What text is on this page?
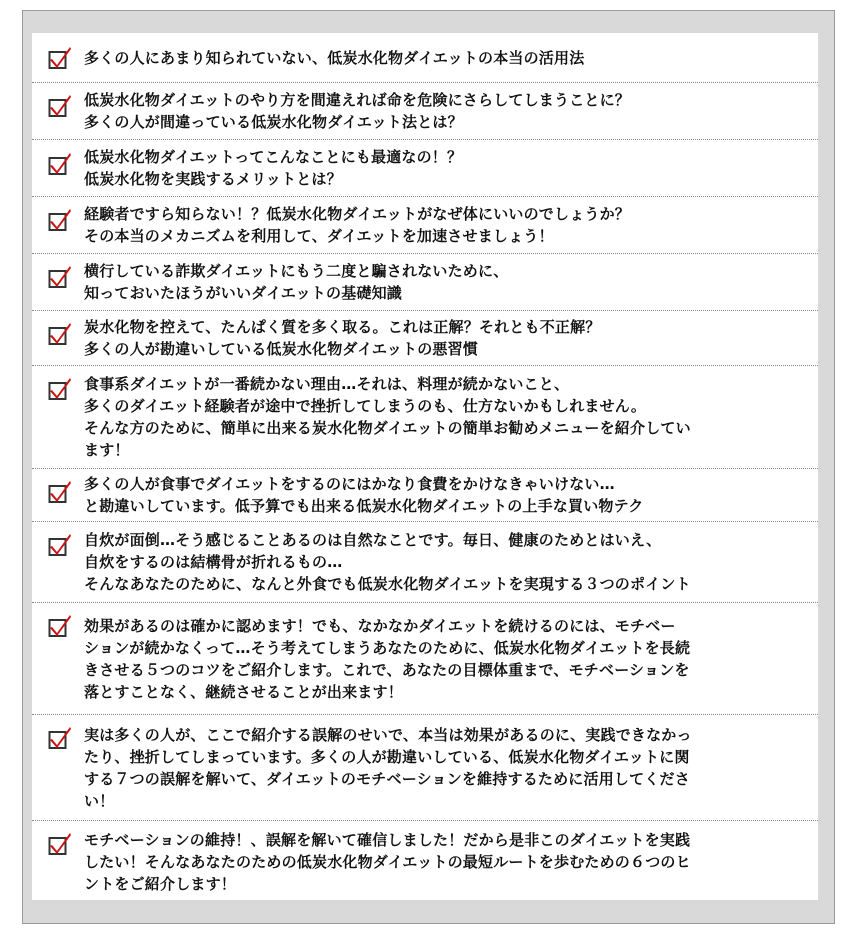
多くの人にあまり知られていない、低炭水化物ダイエットの本当の活用法
低炭水化物ダイエットのやり方を間違えれば命を危険にさらしてしまうことに？
多くの人が間違っている低炭水化物ダイエット法とは？
低炭水化物ダイエットってこんなことにも最適なの！？
低炭水化物を実践するメリットとは？
経験者ですら知らない！？低炭水化物ダイエットがなぜ体にいいのでしょうか？
その本当のメカニズムを利用して、ダイエットを加速させましょう！
横行している詐欺ダイエットにもう二度と騙されないために、
知っておいたほうがいいダイエットの基礎知識
炭水化物を控えて、たんぱく質を多く取る。これは正解？それとも不正解？
多くの人が勘違いしている低炭水化物ダイエットの悪習慣
食事系ダイエットが一番続かない理由…それは、料理が続かないこと、
多くのダイエット経験者が途中で挫折してしまうのも、仕方ないかもしれません。
そんな方のために、簡単に出来る炭水化物ダイエットの簡単お勧めメニューを紹介してい
ます！
多くの人が食事でダイエットをするのにはかなり食費をかけなきゃいけない…
と勘違いしています。低予算でも出来る低炭水化物ダイエットの上手な買い物テク
自炊が面倒…そう感じることあるのは自然なことです。毎日、健康のためとはいえ、
自炊をするのは結構骨が折れるもの…
そんなあなたのために、なんと外食でも低炭水化物ダイエットを実現する３つのポイント
効果があるのは確かに認めます！でも、なかなかダイエットを続けるのには、モチベー
ションが続かなくって…そう考えてしまうあなたのために、低炭水化物ダイエットを長続
きさせる５つのコツをご紹介します。これで、あなたの目標体重まで、モチベーションを
落とすことなく、継続させることが出来ます！
実は多くの人が、ここで紹介する誤解のせいで、本当は効果があるのに、実践できなかっ
たり、挫折してしまっています。多くの人が勘違いしている、低炭水化物ダイエットに関
する７つの誤解を解いて、ダイエットのモチベーションを維持するために活用してくださ
い！
モチベーションの維持！、誤解を解いて確信しました！だから是非このダイエットを実践
したい！そんなあなたのための低炭水化物ダイエットの最短ルートを歩むための６つのヒ
ントをご紹介します！
